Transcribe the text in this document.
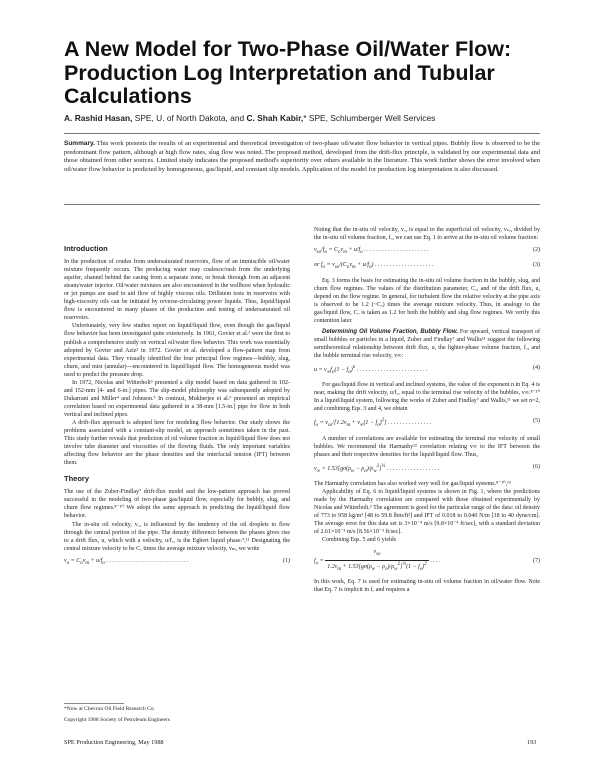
A New Model for Two-Phase Oil/Water Flow: Production Log Interpretation and Tubular Calculations
A. Rashid Hasan, SPE, U. of North Dakota, and C. Shah Kabir,* SPE, Schlumberger Well Services
Summary. This work presents the results of an experimental and theoretical investigation of two-phase oil/water flow behavior in vertical pipes. Bubbly flow is observed to be the predominant flow pattern, although at high flow rates, slug flow was noted. The proposed method, developed from the drift-flux principle, is validated by our experimental data and those obtained from other sources. Limited study indicates the proposed method's superiority over others available in the literature. This work further shows the error involved when oil/water flow behavior is predicted by homogeneous, gas/liquid, and constant slip models. Application of the model for production log interpretation is also discussed.
Introduction

In the production of crudes from undersaturated reservoirs, flow of an immiscible oil/water mixture frequently occurs. The producing water may coalesce/rush from the underlying aquifer, channel behind the casing from a separate zone, or break through from an adjacent steam/water injector. Oil/water mixtures are also encountered in the wellbore when hydraulic or jet pumps are used to aid flow of highly viscous oils. Drillstem tests in reservoirs with high-viscosity oils can be initiated by reverse-circulating power liquids. Thus, liquid/liquid flow is encountered in many phases of the production and testing of undersaturated oil reservoirs.

Unfortunately, very few studies report on liquid/liquid flow, even though the gas/liquid flow behavior has been investigated quite extensively. In 1961, Govier et al.¹ were the first to publish a comprehensive study on vertical oil/water flow behavior. This work was essentially adopted by Govier and Aziz² in 1972. Govier et al. developed a flow-pattern map from experimental data. They visually identified the four principal flow regimes—bubbly, slug, churn, and mist (annular)—encountered in liquid/liquid flow. The homogeneous model was used to predict the pressure drop.

In 1972, Nicolas and Witterholt³ presented a slip model based on data gathered in 102- and 152-mm [4- and 6-in.] pipes. The slip-model philosophy was subsequently adopted by Dukarrani and Miller⁴ and Johnson.⁵ In contrast, Mukherjee et al.⁶ presented an empirical correlation based on experimental data gathered in a 38-mm [1.5-in.] pipe for flow in both vertical and inclined pipes.

A drift-flux approach is adopted here for modeling flow behavior. Our study shows the problems associated with a constant-slip model, an approach sometimes taken in the past. This study further reveals that prediction of oil volume fraction in liquid/liquid flow does not involve tube diameter and viscosities of the flowing fluids. The only important variables affecting flow behavior are the phase densities and the interfacial tension (IFT) between them.

Theory

The use of the Zuber-Findlay⁷ drift-flux model and the low-pattern approach has proved successful in the modeling of two-phase gas/liquid flow, especially for bubbly, slug, and churn flow regimes.⁸⁻¹⁰ We adopt the same approach in predicting the liquid/liquid flow behavior.

The in-situ oil velocity, vₒ, is influenced by the tendency of the oil droplets to flow through the central portion of the pipe. The density difference between the phases gives rise to a drift flux, u, which with a velocity, u/fₒ, is the Egbert liquid phase.⁹,¹¹ Designating the central mixture velocity to be Cₒ times the average mixture velocity, vₘ, we write

$v_o = C_ov_m + u/f_o$ . . . . . . . . . . . . . . . . . . . . . . . . . . . .	(1)

Noting that the in-situ oil velocity, vₒ, is equal to the superficial oil velocity, vₛₒ, divided by the in-situ oil volume fraction, fₒ, we can use Eq. 1 to arrive at the in-situ oil volume fraction:

$v_{so}/f_o = C_ov_m + u/f_o$ . . . . . . . . . . . . . . . . . . . . . .	(2)
or $f_o = v_{so}/(C_ov_m + u/f_o)$ . . . . . . . . . . . . . . . . . . . .	(3)

Eq. 3 forms the basis for estimating the in-situ oil volume fraction in the bubbly, slug, and churn flow regimes. The values of the distribution parameter, Cₒ, and of the drift flux, u, depend on the flow regime. In general, for turbulent flow the relative velocity at the pipe axis is observed to be 1.2 (~Cₒ) times the average mixture velocity. Thus, in analogy to the gas/liquid flow, Cₒ is taken as 1.2 for both the bubbly and slug flow regimes. We verify this contention later.

Determining Oil Volume Fraction, Bubbly Flow. For upward, vertical transport of small bubbles or particles in a liquid, Zuber and Findlay⁷ and Wallis¹¹ suggest the following semitheoretical relationship between drift flux, u, the lighter-phase volume fraction, fₒ, and the bubble terminal rise velocity, v∞:

$u = v_\infty f_o(1 - f_o)^n$ . . . . . . . . . . . . . . . . . . . . . . . .	(4)

For gas/liquid flow in vertical and inclined systems, the value of the exponent n in Eq. 4 is near, making the drift velocity, u/fₒ, equal to the terminal rise velocity of the bubbles, v∞.⁸⁻¹⁰ In a liquid/liquid system, following the works of Zuber and Findlay⁷ and Wallis,¹¹ we set n=2, and combining Eqs. 3 and 4, we obtain

$f_o = v_{so}/[1.2v_m + v_\infty(1 - f_o)^2]$ . . . . . . . . . . . . . . .	(5)

A number of correlations are available for estimating the terminal rise velocity of small bubbles. We recommend the Harmathy¹² correlation relating v∞ to the IFT between the phases and their respective densities for the liquid/liquid flow. Thus,

$v_\infty = 1.53[g\sigma(\rho_w - \rho_o)/\rho_w^2]^{\frac{1}{4}}$ . . . . . . . . . . . . . . . . . .	(6)

The Harmathy correlation has also worked very well for gas/liquid systems.⁸⁻¹⁰,¹³

Applicability of Eq. 6 to liquid/liquid systems is shown in Fig. 1, where the predictions made by the Harmathy correlation are compared with those obtained experimentally by Nicolas and Witterholt.³ The agreement is good for the particular range of the data: oil density of 773 to 958 kg/m³ [48 to 59.8 lbm/ft³] and IFT of 0.018 to 0.040 N/m [18 to 40 dyne/cm]. The average error for this data set is 3×10⁻⁴ m/s [9.8×10⁻⁴ ft/sec], with a standard deviation of 2.61×10⁻³ m/s [8.56×10⁻³ ft/sec].

Combining Eqs. 5 and 6 yields

$f_o = \frac{v_{so}}{1.2v_m + 1.53[g\sigma(\rho_w - \rho_o)/\rho_w^2]^{\frac{1}{4}}(1 - f_o)^2}$ . . . .	(7)

In this work, Eq. 7 is used for estimating in-situ oil volume fraction in oil/water flow. Note that Eq. 7 is implicit in fₒ and requires a

*Now at Chevron Oil Field Research Co.
Copyright 1988 Society of Petroleum Engineers
SPE Production Engineering, May 1988	193
